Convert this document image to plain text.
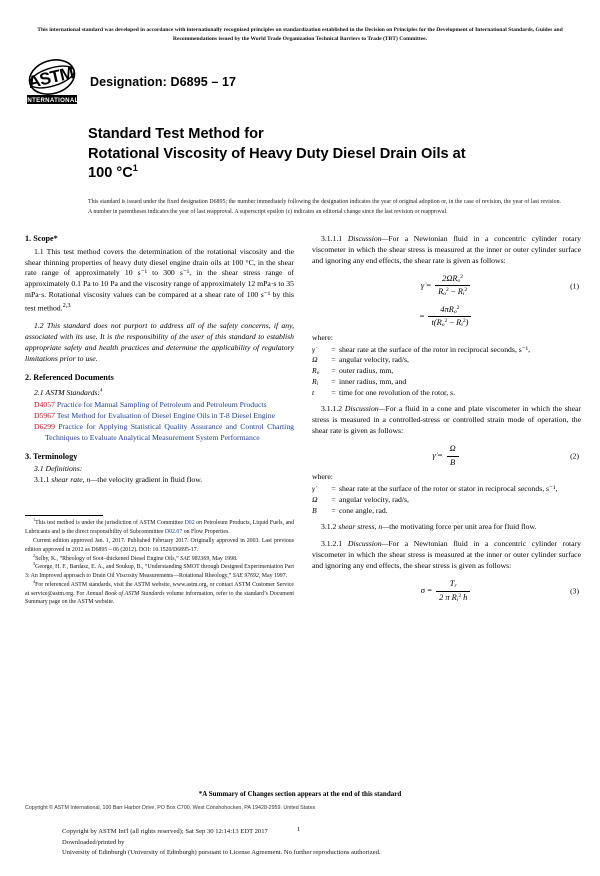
This international standard was developed in accordance with internationally recognized principles on standardization established in the Decision on Principles for the Development of International Standards, Guides and Recommendations issued by the World Trade Organization Technical Barriers to Trade (TBT) Committee.
ASTM
INTERNATIONAL
Designation: D6895 – 17
Standard Test Method for
Rotational Viscosity of Heavy Duty Diesel Drain Oils at
100 $^\circ C^1$
This standard is issued under the fixed designation D6895; the number immediately following the designation indicates the year of original adoption or, in the case of revision, the year of last revision. A number in parentheses indicates the year of last reapproval. A superscript epsilon (ε) indicates an editorial change since the last revision or reapproval.
1. Scope*

1.1 This test method covers the determination of the rotational viscosity and the shear thinning properties of heavy duty diesel engine drain oils at 100 °C, in the shear rate range of approximately 10 s⁻¹ to 300 s⁻¹, in the shear stress range of approximately 0.1 Pa to 10 Pa and the viscosity range of approximately 12 mPa·s to 35 mPa·s. Rotational viscosity values can be compared at a shear rate of 100 s⁻¹ by this test method.$^{2,3}$

1.2 This standard does not purport to address all of the safety concerns, if any, associated with its use. It is the responsibility of the user of this standard to establish appropriate safety and health practices and determine the applicability of regulatory limitations prior to use.

2. Referenced Documents
2.1 ASTM Standards:$^4$
D4057 Practice for Manual Sampling of Petroleum and Petroleum Products
D5967 Test Method for Evaluation of Diesel Engine Oils in T-8 Diesel Engine
D6299 Practice for Applying Statistical Quality Assurance and Control Charting Techniques to Evaluate Analytical Measurement System Performance
3. Terminology

3.1 Definitions:

3.1.1 shear rate, n—the velocity gradient in fluid flow.

$^1$This test method is under the jurisdiction of ASTM Committee D02 on Petroleum Products, Liquid Fuels, and Lubricants and is the direct responsibility of Subcommittee D02.07 on Flow Properties.

Current edition approved Jan. 1, 2017. Published February 2017. Originally approved in 2003. Last previous edition approved in 2012 as D6895 – 06 (2012). DOI: 10.1520/D6895-17.

$^2$Selby, K., “Rheology of Soot–thickened Diesel Engine Oils,” SAE 981369, May 1998.

$^3$George, H. F., Bardasz, E. A., and Soukup, B., “Understanding SMOT through Designed Experimentation Part 3: An Improved approach to Drain Oil Viscosity Measurements—Rotational Rheology,” SAE 97692, May 1997.

$^4$For referenced ASTM standards, visit the ASTM website, www.astm.org, or contact ASTM Customer Service at service@astm.org. For Annual Book of ASTM Standards volume information, refer to the standard’s Document Summary page on the ASTM website.

3.1.1.1 Discussion—For a Newtonian fluid in a concentric cylinder rotary viscometer in which the shear stress is measured at the inner or outer cylinder surface and ignoring any end effects, the shear rate is given as follows:

γ̇ = $\frac{2\Omega R_o^2}{R_o^2 - R_i^2}$	(1)
= $\frac{4\pi R_o^2}{t(R_o^2 - R_i^2)}$
where:
γ̇	=	shear rate at the surface of the rotor in reciprocal seconds, s⁻¹,
Ω	=	angular velocity, rad/s,
$R_o$	=	outer radius, mm,
$R_i$	=	inner radius, mm, and
t	=	time for one revolution of the rotor, s.

3.1.1.2 Discussion—For a fluid in a cone and plate viscometer in which the shear stress is measured in a controlled-stress or controlled strain mode of operation, the shear rate is given as follows:

γ̇ = $\frac{\Omega}{B}$	(2)
where:
γ̇	=	shear rate at the surface of the rotor or stator in reciprocal seconds, s⁻¹,
Ω	=	angular velocity, rad/s,
B	=	cone angle, rad.

3.1.2 shear stress, n—the motivating force per unit area for fluid flow.

3.1.2.1 Discussion—For a Newtonian fluid in a concentric cylinder rotary viscometer in which the shear stress is measured at the inner or outer cylinder surface and ignoring any end effects, the shear stress is given as follows:

$\sigma = \frac{T_r}{2 \pi R_i^2 h}$	(3)
*A Summary of Changes section appears at the end of this standard
Copyright © ASTM International, 100 Barr Harbor Drive, PO Box C700, West Conshohocken, PA 19428-2959. United States
1
Copyright by ASTM Int'l (all rights reserved); Sat Sep 30 12:14:13 EDT 2017
Downloaded/printed by
University of Edinburgh (University of Edinburgh) pursuant to License Agreement. No further reproductions authorized.
